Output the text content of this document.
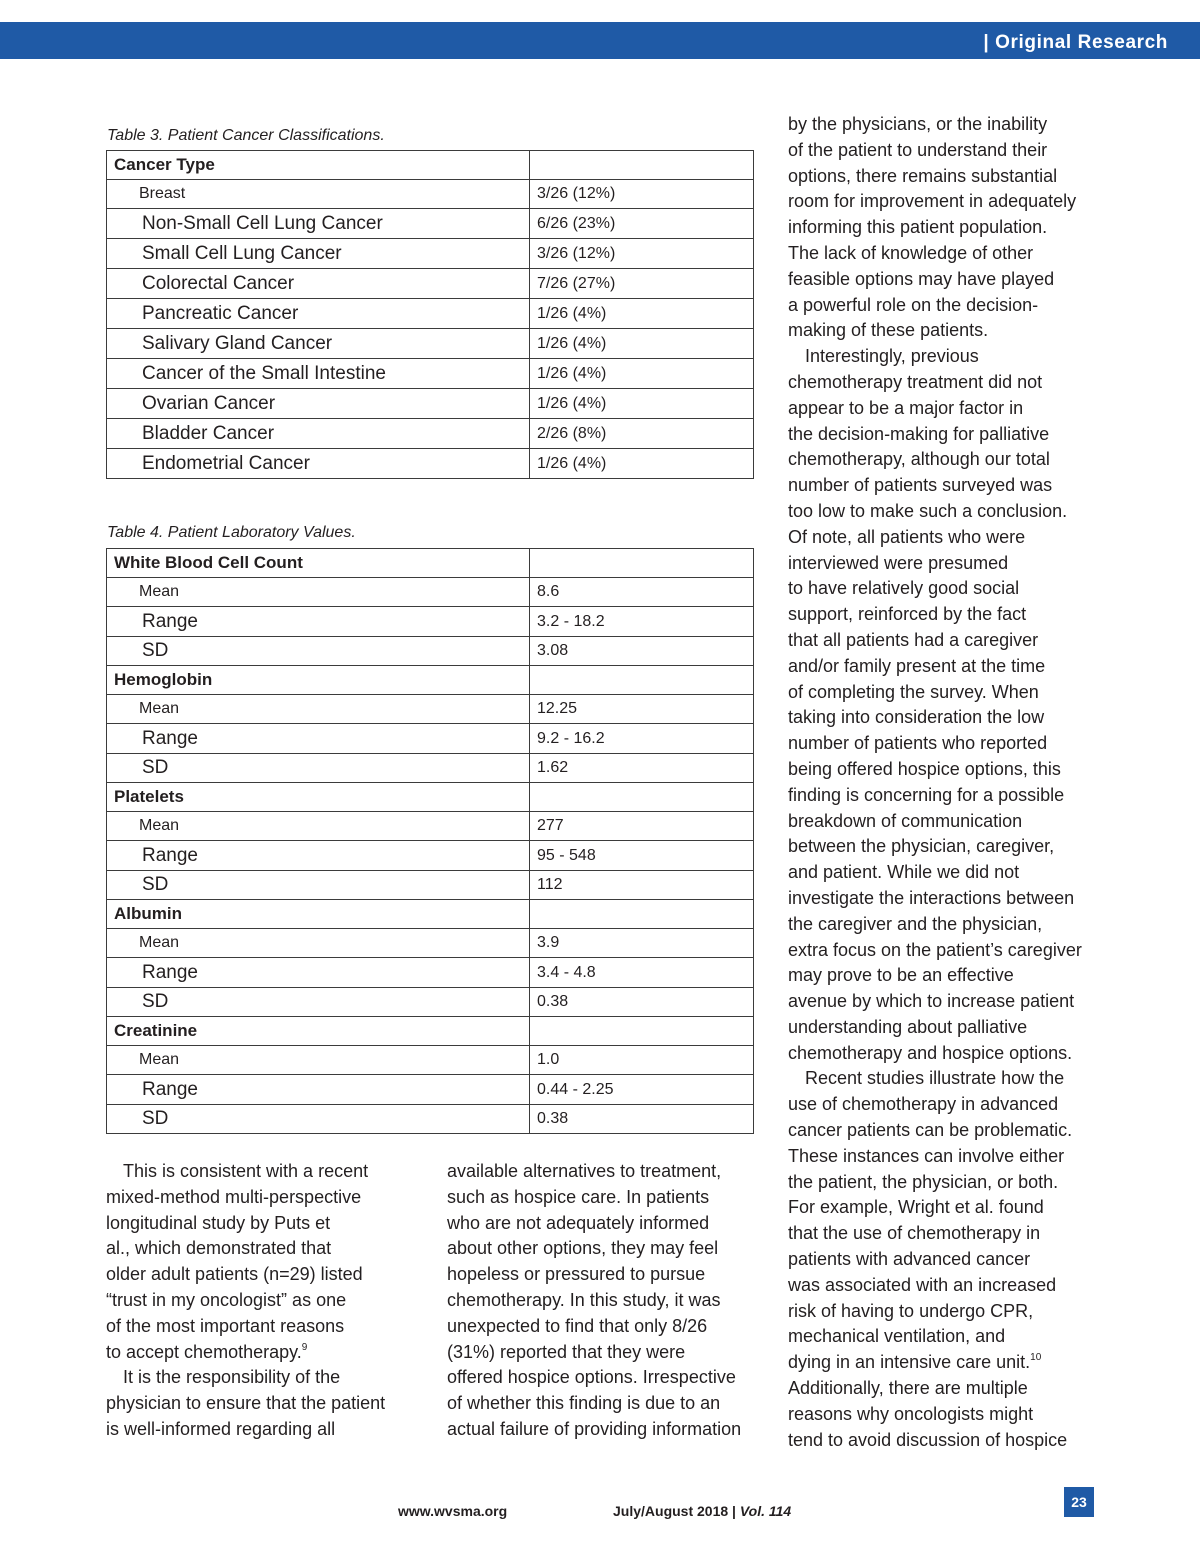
| Original Research
Table 3. Patient Cancer Classifications.
Cancer Type	
Breast	3/26 (12%)
Non-Small Cell Lung Cancer	6/26 (23%)
Small Cell Lung Cancer	3/26 (12%)
Colorectal Cancer	7/26 (27%)
Pancreatic Cancer	1/26 (4%)
Salivary Gland Cancer	1/26 (4%)
Cancer of the Small Intestine	1/26 (4%)
Ovarian Cancer	1/26 (4%)
Bladder Cancer	2/26 (8%)
Endometrial Cancer	1/26 (4%)
Table 4. Patient Laboratory Values.
White Blood Cell Count	
Mean	8.6
Range	3.2 - 18.2
SD	3.08
Hemoglobin	
Mean	12.25
Range	9.2 - 16.2
SD	1.62
Platelets	
Mean	277
Range	95 - 548
SD	112
Albumin	
Mean	3.9
Range	3.4 - 4.8
SD	0.38
Creatinine	
Mean	1.0
Range	0.44 - 2.25
SD	0.38

This is consistent with a recent

mixed-method multi-perspective

longitudinal study by Puts et

al., which demonstrated that

older adult patients (n=29) listed

“trust in my oncologist” as one

of the most important reasons

to accept chemotherapy.$^9$

It is the responsibility of the

physician to ensure that the patient

is well-informed regarding all

available alternatives to treatment,

such as hospice care. In patients

who are not adequately informed

about other options, they may feel

hopeless or pressured to pursue

chemotherapy. In this study, it was

unexpected to find that only 8/26

(31%) reported that they were

offered hospice options. Irrespective

of whether this finding is due to an

actual failure of providing information

by the physicians, or the inability

of the patient to understand their

options, there remains substantial

room for improvement in adequately

informing this patient population.

The lack of knowledge of other

feasible options may have played

a powerful role on the decision-

making of these patients.

Interestingly, previous

chemotherapy treatment did not

appear to be a major factor in

the decision-making for palliative

chemotherapy, although our total

number of patients surveyed was

too low to make such a conclusion.

Of note, all patients who were

interviewed were presumed

to have relatively good social

support, reinforced by the fact

that all patients had a caregiver

and/or family present at the time

of completing the survey. When

taking into consideration the low

number of patients who reported

being offered hospice options, this

finding is concerning for a possible

breakdown of communication

between the physician, caregiver,

and patient. While we did not

investigate the interactions between

the caregiver and the physician,

extra focus on the patient’s caregiver

may prove to be an effective

avenue by which to increase patient

understanding about palliative

chemotherapy and hospice options.

Recent studies illustrate how the

use of chemotherapy in advanced

cancer patients can be problematic.

These instances can involve either

the patient, the physician, or both.

For example, Wright et al. found

that the use of chemotherapy in

patients with advanced cancer

was associated with an increased

risk of having to undergo CPR,

mechanical ventilation, and

dying in an intensive care unit.$^{10}$

Additionally, there are multiple

reasons why oncologists might

tend to avoid discussion of hospice

www.wvsma.org	July/August 2018 | Vol. 114
23
